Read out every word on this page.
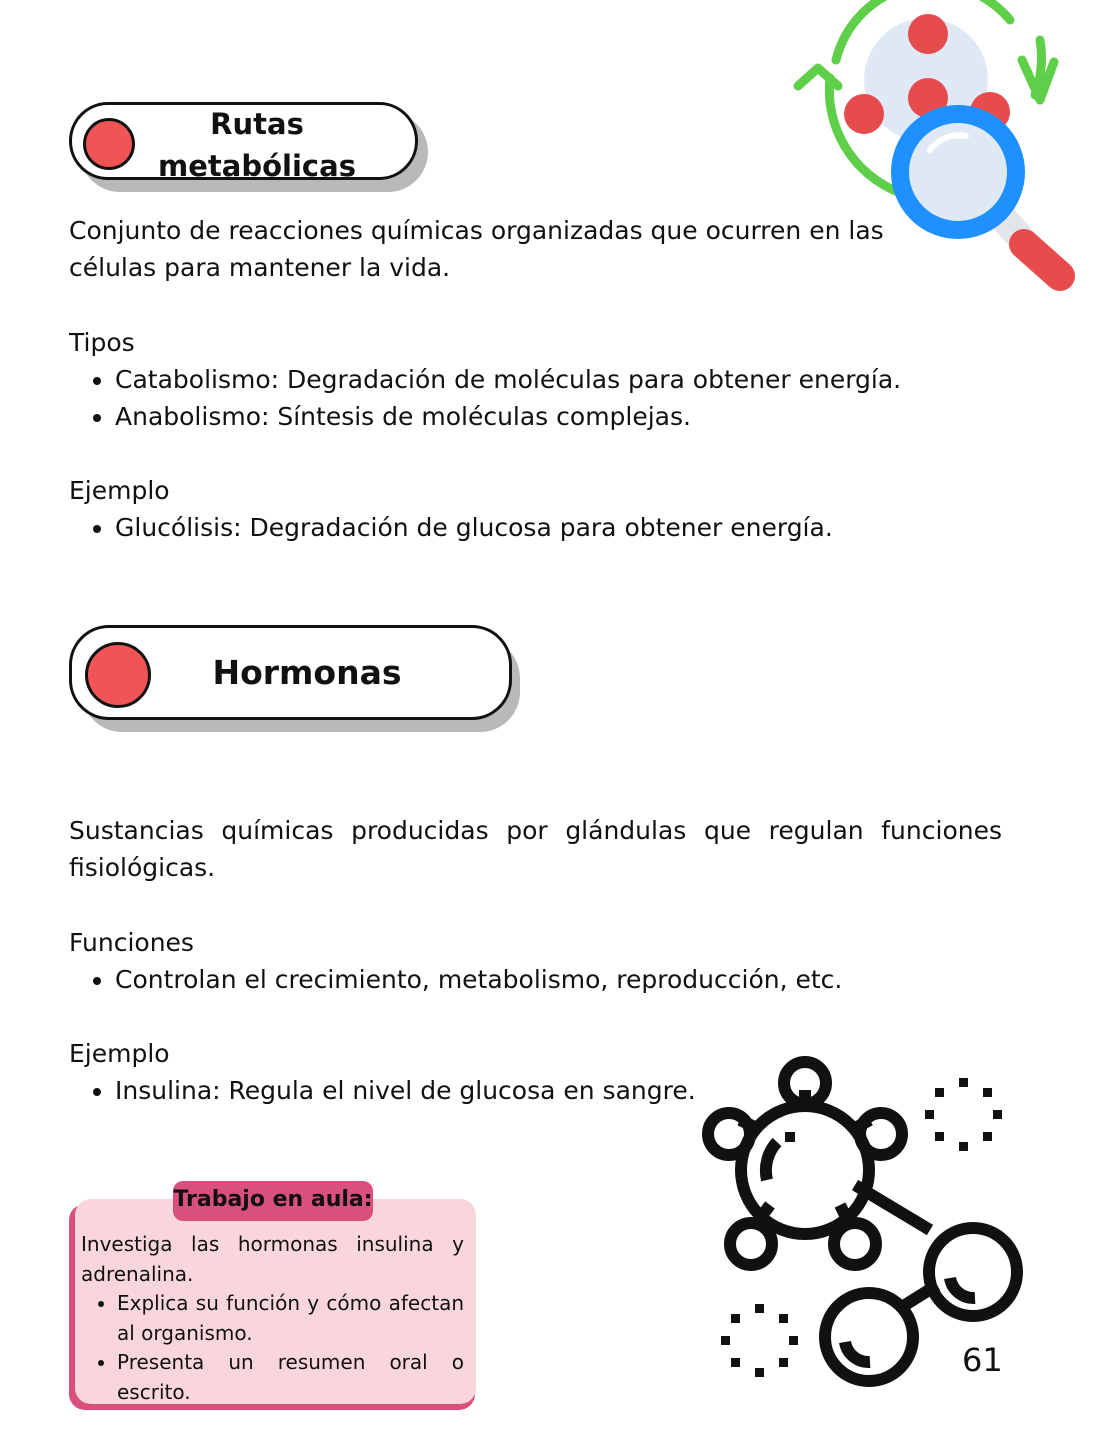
Rutas
metabólicas
Conjunto de reacciones químicas organizadas que ocurren en las células para mantener la vida.
Tipos
• Catabolismo: Degradación de moléculas para obtener energía.
• Anabolismo: Síntesis de moléculas complejas.
Ejemplo
• Glucólisis: Degradación de glucosa para obtener energía.
Hormonas
Sustancias químicas producidas por glándulas que regulan funciones
fisiológicas.
Funciones
• Controlan el crecimiento, metabolismo, reproducción, etc.
Ejemplo
• Insulina: Regula el nivel de glucosa en sangre.
Trabajo en aula:
Investiga las hormonas insulina y adrenalina.
• Explica su función y cómo afectan al organismo.
• Presenta un resumen oral o escrito.
61
